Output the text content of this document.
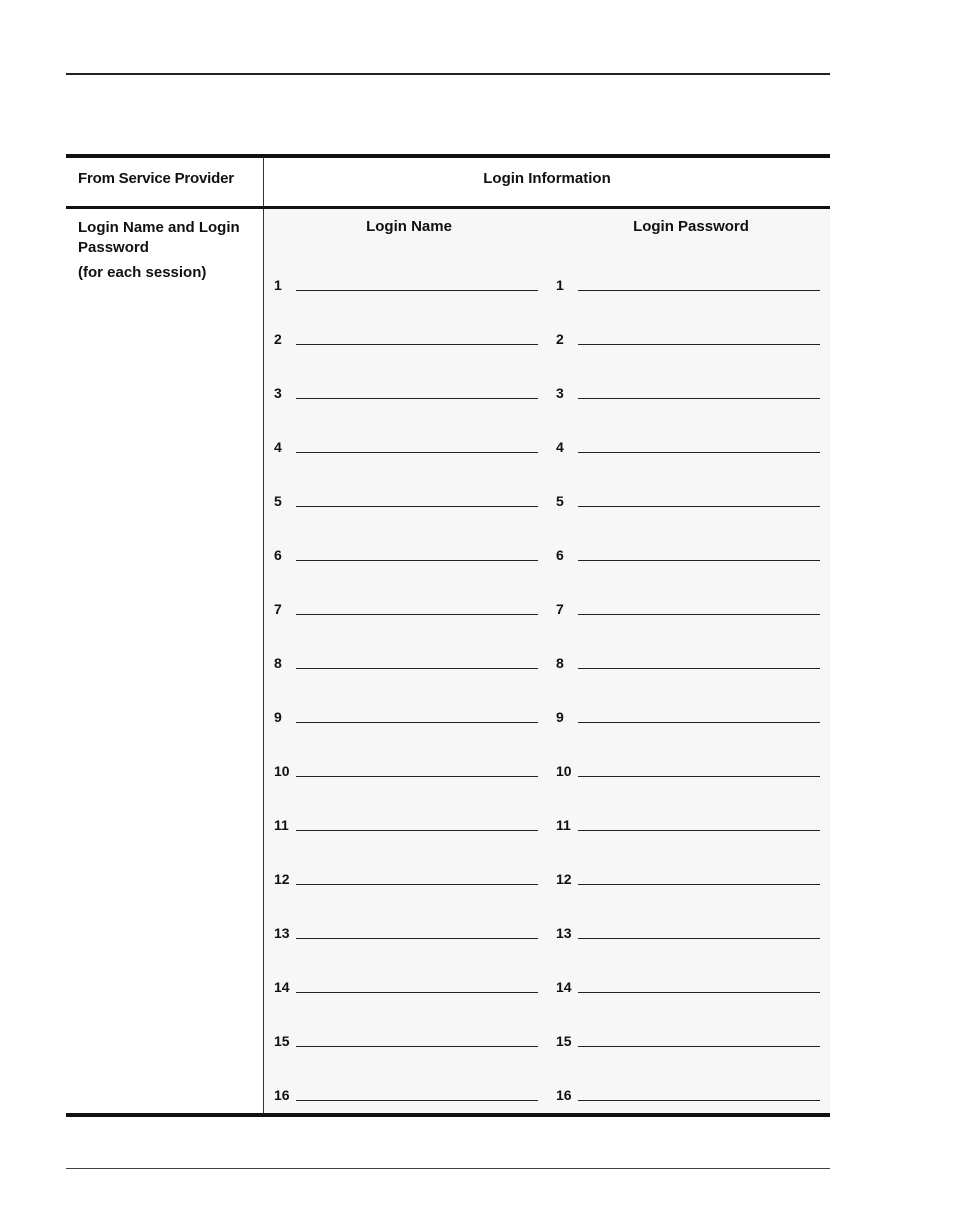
From Service Provider	Login Information
Login Name and Login Password
(for each session)
Login Name	Login Password
1	1
2	2
3	3
4	4
5	5
6	6
7	7
8	8
9	9
10	10
11	11
12	12
13	13
14	14
15	15
16	16
